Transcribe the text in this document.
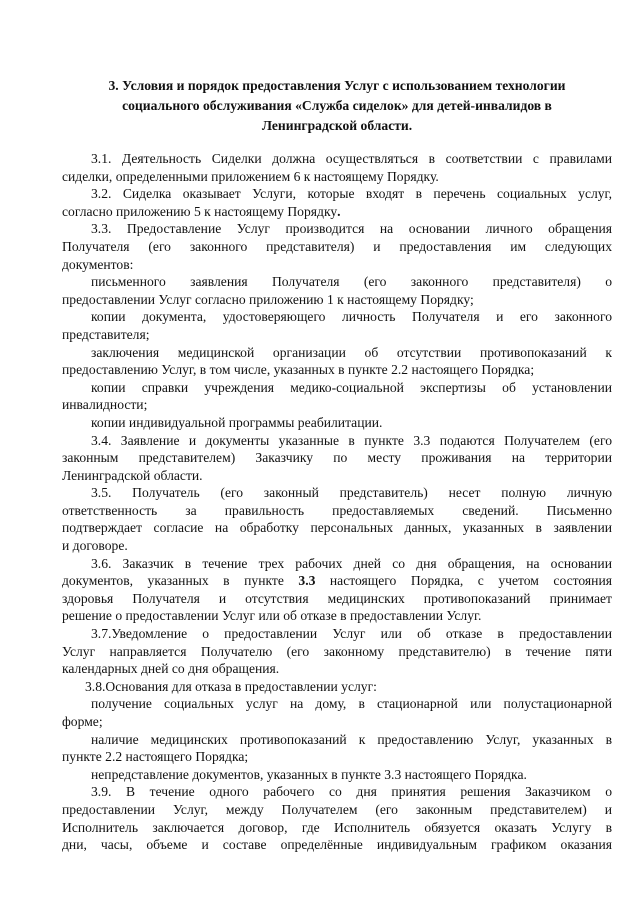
3. Условия и порядок предоставления Услуг с использованием технологии
социального обслуживания «Служба сиделок» для детей-инвалидов в
Ленинградской области.
3.1. Деятельность Сиделки должна осуществляться в соответствии с правилами
сиделки, определенными приложением 6 к настоящему Порядку.
3.2. Сиделка оказывает Услуги, которые входят в перечень социальных услуг,
согласно приложению 5 к настоящему Порядку.
3.3. Предоставление Услуг производится на основании личного обращения
Получателя (его законного представителя) и предоставления им следующих
документов:
письменного заявления Получателя (его законного представителя) о
предоставлении Услуг согласно приложению 1 к настоящему Порядку;
копии документа, удостоверяющего личность Получателя и его законного
представителя;
заключения медицинской организации об отсутствии противопоказаний к
предоставлению Услуг, в том числе, указанных в пункте 2.2 настоящего Порядка;
копии справки учреждения медико-социальной экспертизы об установлении
инвалидности;
копии индивидуальной программы реабилитации.
3.4. Заявление и документы указанные в пункте 3.3 подаются Получателем (его
законным представителем) Заказчику по месту проживания на территории
Ленинградской области.
3.5. Получатель (его законный представитель) несет полную личную
ответственность за правильность предоставляемых сведений. Письменно
подтверждает согласие на обработку персональных данных, указанных в заявлении
и договоре.
3.6. Заказчик в течение трех рабочих дней со дня обращения, на основании
документов, указанных в пункте 3.3 настоящего Порядка, с учетом состояния
здоровья Получателя и отсутствия медицинских противопоказаний принимает
решение о предоставлении Услуг или об отказе в предоставлении Услуг.
3.7.Уведомление о предоставлении Услуг или об отказе в предоставлении
Услуг направляется Получателю (его законному представителю) в течение пяти
календарных дней со дня обращения.
3.8.Основания для отказа в предоставлении услуг:
получение социальных услуг на дому, в стационарной или полустационарной
форме;
наличие медицинских противопоказаний к предоставлению Услуг, указанных в
пункте 2.2 настоящего Порядка;
непредставление документов, указанных в пункте 3.3 настоящего Порядка.
3.9. В течение одного рабочего со дня принятия решения Заказчиком о
предоставлении Услуг, между Получателем (его законным представителем) и
Исполнитель заключается договор, где Исполнитель обязуется оказать Услугу в
дни, часы, объеме и составе определённые индивидуальным графиком оказания
